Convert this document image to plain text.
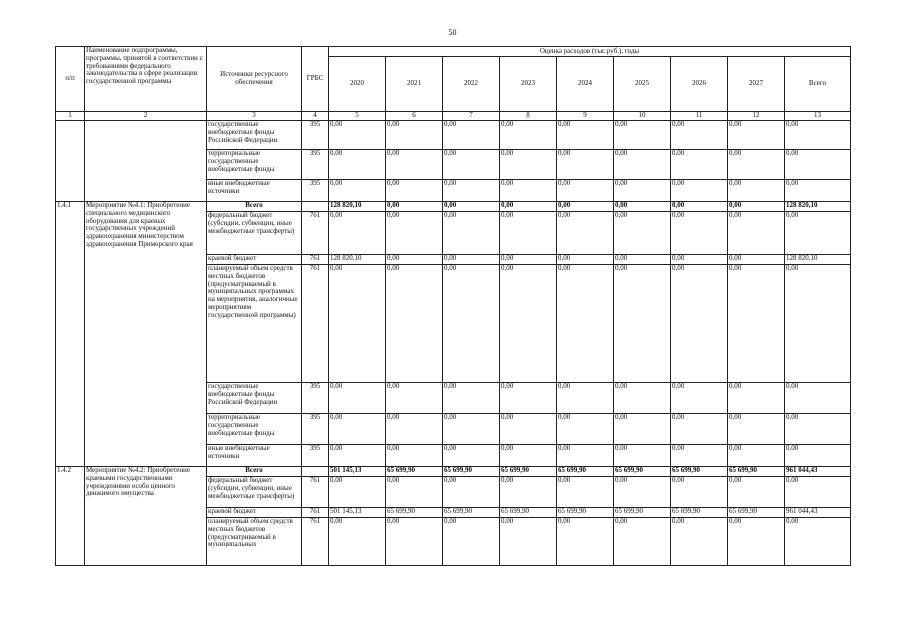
50
п/п	Наименование подпрограммы, программы, принятой в соответствии с требованиями федерального законодательства в сфере реализации государственной программы	Источники ресурсного обеспечения	ГРБС	Оценка расходов (тыс.руб.), годы								
				2020	2021	2022	2023	2024	2025	2026	2027	Всего
1	2	3	4	5	6	7	8	9	10	11	12	13
		государственные внебюджетные фонды Российской Федерации	395	0,00	0,00	0,00	0,00	0,00	0,00	0,00	0,00	0,00
		территориальные государственные внебюджетные фонды	395	0,00	0,00	0,00	0,00	0,00	0,00	0,00	0,00	0,00
		иные внебюджетные источники	395	0,00	0,00	0,00	0,00	0,00	0,00	0,00	0,00	0,00
1.4.1	Мероприятие №4.1: Приобретение специального медицинского оборудования для краевых государственных учреждений здравоохранения министерством здравоохранения Приморского края	Всего		128 820,10	0,00	0,00	0,00	0,00	0,00	0,00	0,00	128 820,10
		федеральный бюджет (субсидии, субвенции, иные межбюджетные трансферты)	761	0,00	0,00	0,00	0,00	0,00	0,00	0,00	0,00	0,00
		краевой бюджет	761	128 820,10	0,00	0,00	0,00	0,00	0,00	0,00	0,00	128 820,10
		планируемый объем средств местных бюджетов (предусматриваемый в муниципальных программах на мероприятия, аналогичные мероприятиям государственной программы)	761	0,00	0,00	0,00	0,00	0,00	0,00	0,00	0,00	0,00
		государственные внебюджетные фонды Российской Федерации	395	0,00	0,00	0,00	0,00	0,00	0,00	0,00	0,00	0,00
		территориальные государственные внебюджетные фонды	395	0,00	0,00	0,00	0,00	0,00	0,00	0,00	0,00	0,00
		иные внебюджетные источники	395	0,00	0,00	0,00	0,00	0,00	0,00	0,00	0,00	0,00
1.4.2	Мероприятие №4.2: Приобретение краевыми государственными учреждениями особо ценного движимого имущества	Всего		501 145,13	65 699,90	65 699,90	65 699,90	65 699,90	65 699,90	65 699,90	65 699,90	961 044,43
		федеральный бюджет (субсидии, субвенции, иные межбюджетные трансферты)	761	0,00	0,00	0,00	0,00	0,00	0,00	0,00	0,00	0,00
		краевой бюджет	761	501 145,13	65 699,90	65 699,90	65 699,90	65 699,90	65 699,90	65 699,90	65 699,90	961 044,43
		планируемый объем средств местных бюджетов (предусматриваемый в муниципальных	761	0,00	0,00	0,00	0,00	0,00	0,00	0,00	0,00	0,00
